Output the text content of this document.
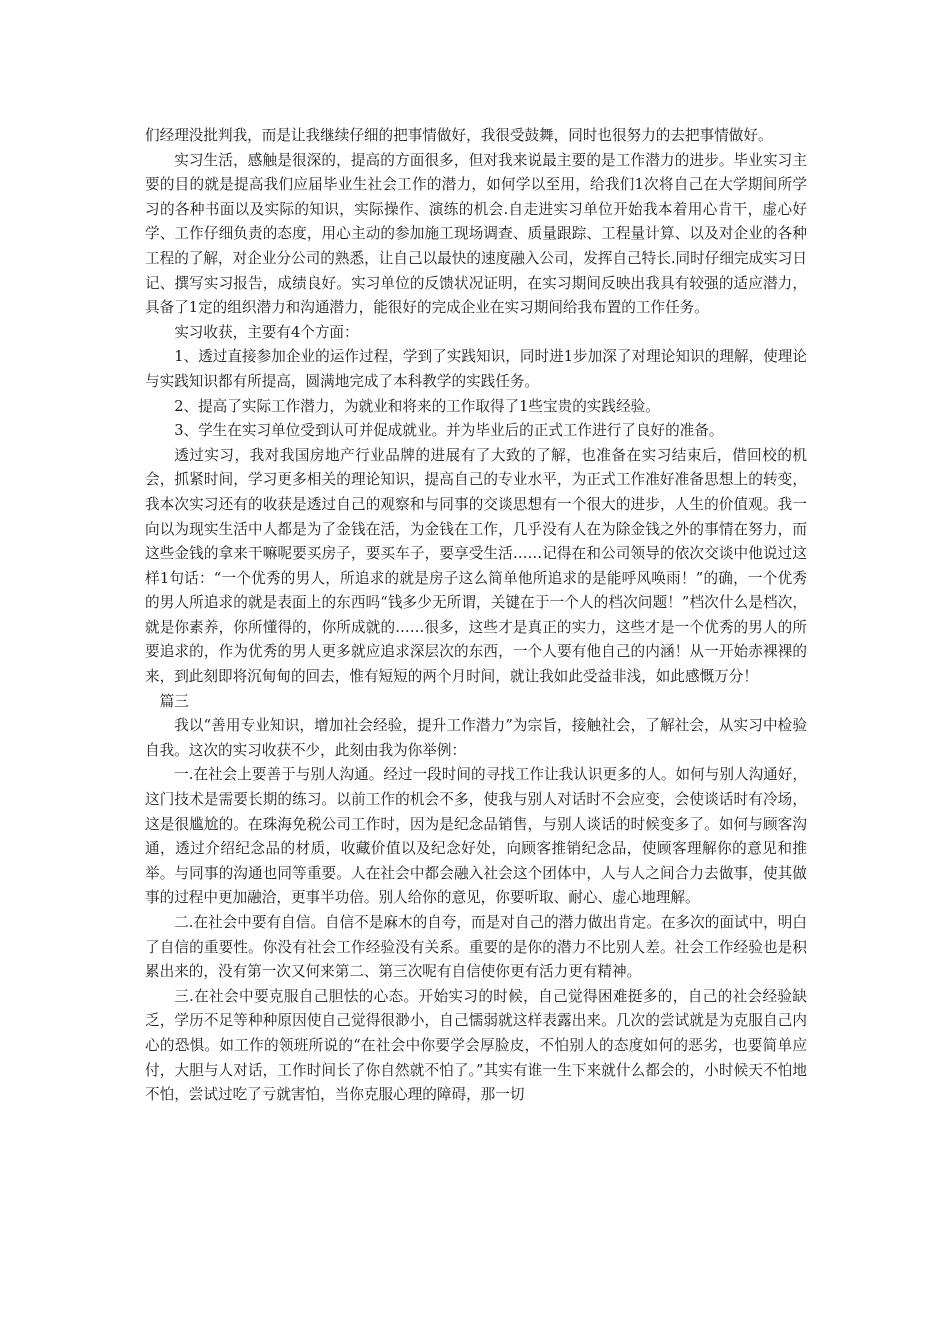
们经理没批判我，而是让我继续仔细的把事情做好，我很受鼓舞，同时也很努力的去把事情做好。

实习生活，感触是很深的，提高的方面很多，但对我来说最主要的是工作潜力的进步。毕业实习主要的目的就是提高我们应届毕业生社会工作的潜力，如何学以至用，给我们1次将自己在大学期间所学习的各种书面以及实际的知识，实际操作、演练的机会.自走进实习单位开始我本着用心肯干，虚心好学、工作仔细负责的态度，用心主动的参加施工现场调查、质量跟踪、工程量计算、以及对企业的各种工程的了解，对企业分公司的熟悉，让自己以最快的速度融入公司，发挥自己特长.同时仔细完成实习日记、撰写实习报告，成绩良好。实习单位的反馈状况证明，在实习期间反映出我具有较强的适应潜力，具备了1定的组织潜力和沟通潜力，能很好的完成企业在实习期间给我布置的工作任务。

实习收获，主要有4个方面：

1、透过直接参加企业的运作过程，学到了实践知识，同时进1步加深了对理论知识的理解，使理论与实践知识都有所提高，圆满地完成了本科教学的实践任务。

2、提高了实际工作潜力，为就业和将来的工作取得了1些宝贵的实践经验。

3、学生在实习单位受到认可并促成就业。并为毕业后的正式工作进行了良好的准备。

透过实习，我对我国房地产行业品牌的进展有了大致的了解，也准备在实习结束后，借回校的机会，抓紧时间，学习更多相关的理论知识，提高自己的专业水平，为正式工作准好准备思想上的转变，我本次实习还有的收获是透过自己的观察和与同事的交谈思想有一个很大的进步，人生的价值观。我一向以为现实生活中人都是为了金钱在活，为金钱在工作，几乎没有人在为除金钱之外的事情在努力，而这些金钱的拿来干嘛呢要买房子，要买车子，要享受生活……记得在和公司领导的依次交谈中他说过这样1句话：“一个优秀的男人，所追求的就是房子这么简单他所追求的是能呼风唤雨！”的确，一个优秀的男人所追求的就是表面上的东西吗“钱多少无所谓，关键在于一个人的档次问题！”档次什么是档次，就是你素养，你所懂得的，你所成就的……很多，这些才是真正的实力，这些才是一个优秀的男人的所要追求的，作为优秀的男人更多就应追求深层次的东西，一个人要有他自己的内涵！从一开始赤裸裸的来，到此刻即将沉甸甸的回去，惟有短短的两个月时间，就让我如此受益非浅，如此感慨万分！

篇三

我以“善用专业知识，增加社会经验，提升工作潜力”为宗旨，接触社会，了解社会，从实习中检验自我。这次的实习收获不少，此刻由我为你举例：

一.在社会上要善于与别人沟通。经过一段时间的寻找工作让我认识更多的人。如何与别人沟通好，这门技术是需要长期的练习。以前工作的机会不多，使我与别人对话时不会应变，会使谈话时有冷场，这是很尴尬的。在珠海免税公司工作时，因为是纪念品销售，与别人谈话的时候变多了。如何与顾客沟通，透过介绍纪念品的材质，收藏价值以及纪念好处，向顾客推销纪念品，使顾客理解你的意见和推举。与同事的沟通也同等重要。人在社会中都会融入社会这个团体中，人与人之间合力去做事，使其做事的过程中更加融洽，更事半功倍。别人给你的意见，你要听取、耐心、虚心地理解。

二.在社会中要有自信。自信不是麻木的自夸，而是对自己的潜力做出肯定。在多次的面试中，明白了自信的重要性。你没有社会工作经验没有关系。重要的是你的潜力不比别人差。社会工作经验也是积累出来的，没有第一次又何来第二、第三次呢有自信使你更有活力更有精神。

三.在社会中要克服自己胆怯的心态。开始实习的时候，自己觉得困难挺多的，自己的社会经验缺乏，学历不足等种种原因使自己觉得很渺小，自己懦弱就这样表露出来。几次的尝试就是为克服自己内心的恐惧。如工作的领班所说的“在社会中你要学会厚脸皮，不怕别人的态度如何的恶劣，也要简单应付，大胆与人对话，工作时间长了你自然就不怕了。”其实有谁一生下来就什么都会的，小时候天不怕地不怕，尝试过吃了亏就害怕，当你克服心理的障碍，那一切
